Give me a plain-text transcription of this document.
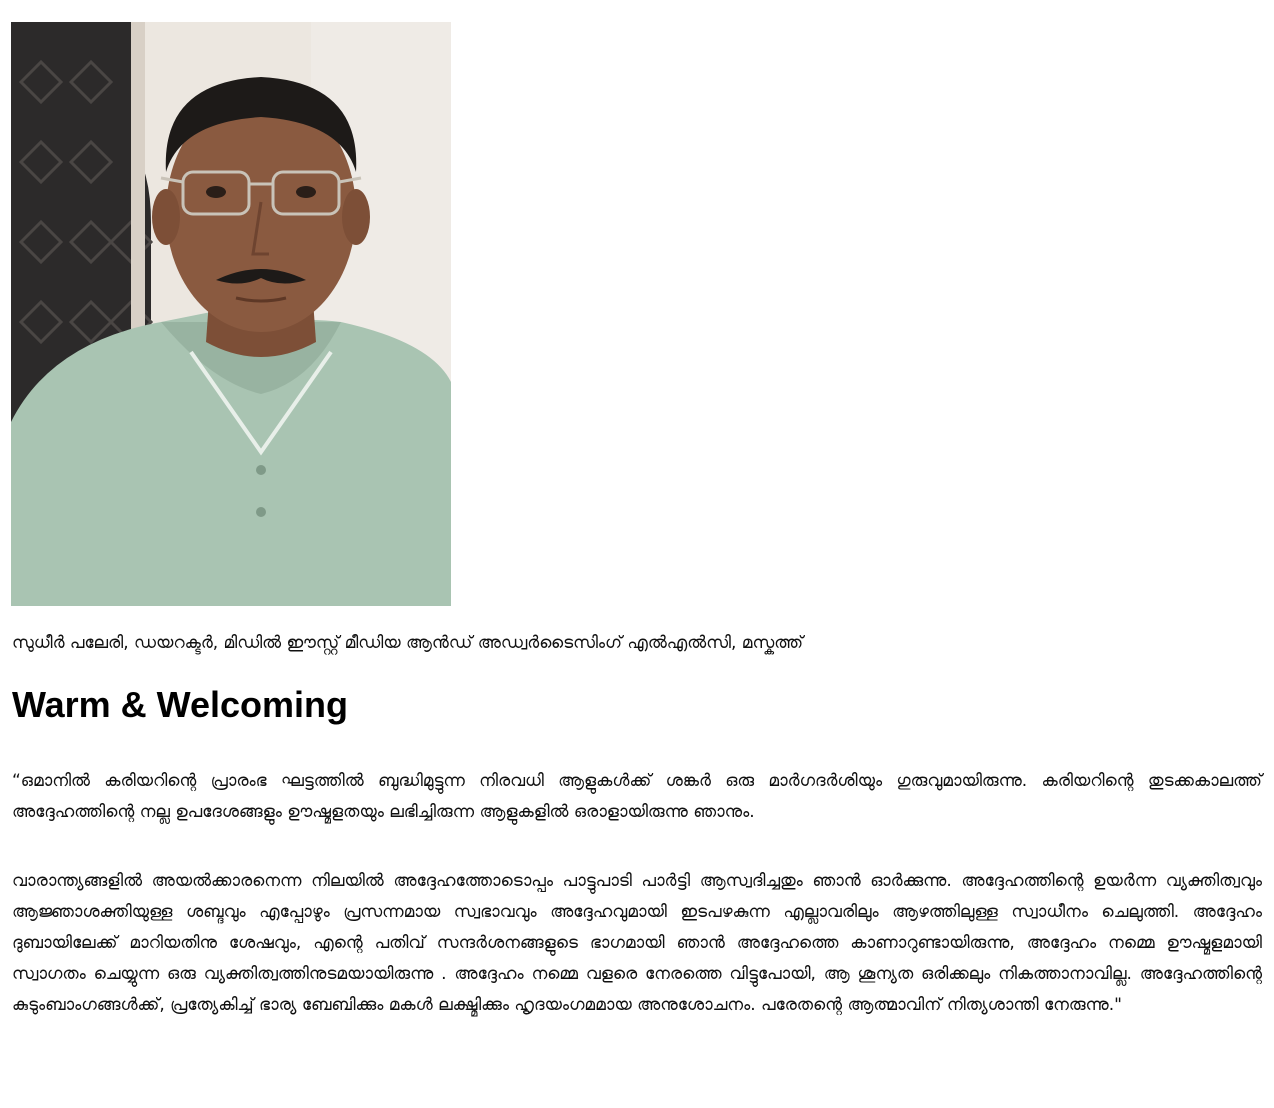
സുധീർ പലേരി, ഡയറക്ടർ, മിഡിൽ ഈസ്റ്റ് മീഡിയ ആൻഡ് അഡ്വർടൈസിംഗ് എൽഎൽസി, മസ്കത്ത്
Warm & Welcoming

“ഒമാനിൽ കരിയറിന്റെ പ്രാരംഭ ഘട്ടത്തിൽ ബുദ്ധിമുട്ടുന്ന നിരവധി ആളുകൾക്ക് ശങ്കർ ഒരു മാർഗദർശിയും ഗുരുവുമായിരുന്നു. കരിയറിന്റെ തുടക്കകാലത്ത് അദ്ദേഹത്തിന്റെ നല്ല ഉപദേശങ്ങളും ഊഷ്മളതയും ലഭിച്ചിരുന്ന ആളുകളിൽ ഒരാളായിരുന്നു ഞാനും.

വാരാന്ത്യങ്ങളിൽ അയൽക്കാരനെന്ന നിലയിൽ അദ്ദേഹത്തോടൊപ്പം പാട്ടുപാടി പാർട്ടി ആസ്വദിച്ചതും ഞാൻ ഓർക്കുന്നു. അദ്ദേഹത്തിന്റെ ഉയർന്ന വ്യക്തിത്വവും ആജ്ഞാശക്തിയുള്ള ശബ്ദവും എപ്പോഴും പ്രസന്നമായ സ്വഭാവവും അദ്ദേഹവുമായി ഇടപഴകുന്ന എല്ലാവരിലും ആഴത്തിലുള്ള സ്വാധീനം ചെലുത്തി. അദ്ദേഹം ദുബായിലേക്ക് മാറിയതിനു ശേഷവും, എന്റെ പതിവ് സന്ദർശനങ്ങളുടെ ഭാഗമായി ഞാൻ അദ്ദേഹത്തെ കാണാറുണ്ടായിരുന്നു, അദ്ദേഹം നമ്മെ ഊഷ്മളമായി സ്വാഗതം ചെയ്യുന്ന ഒരു വ്യക്തിത്വത്തിനുടമയായിരുന്നു . അദ്ദേഹം നമ്മെ വളരെ നേരത്തെ വിട്ടുപോയി, ആ ശൂന്യത ഒരിക്കലും നികത്താനാവില്ല. അദ്ദേഹത്തിന്റെ കുടുംബാംഗങ്ങൾക്ക്, പ്രത്യേകിച്ച് ഭാര്യ ബേബിക്കും മകൾ ലക്ഷ്മിക്കും ഹൃദയംഗമമായ അനുശോചനം. പരേതന്റെ ആത്മാവിന് നിത്യശാന്തി നേരുന്നു."
